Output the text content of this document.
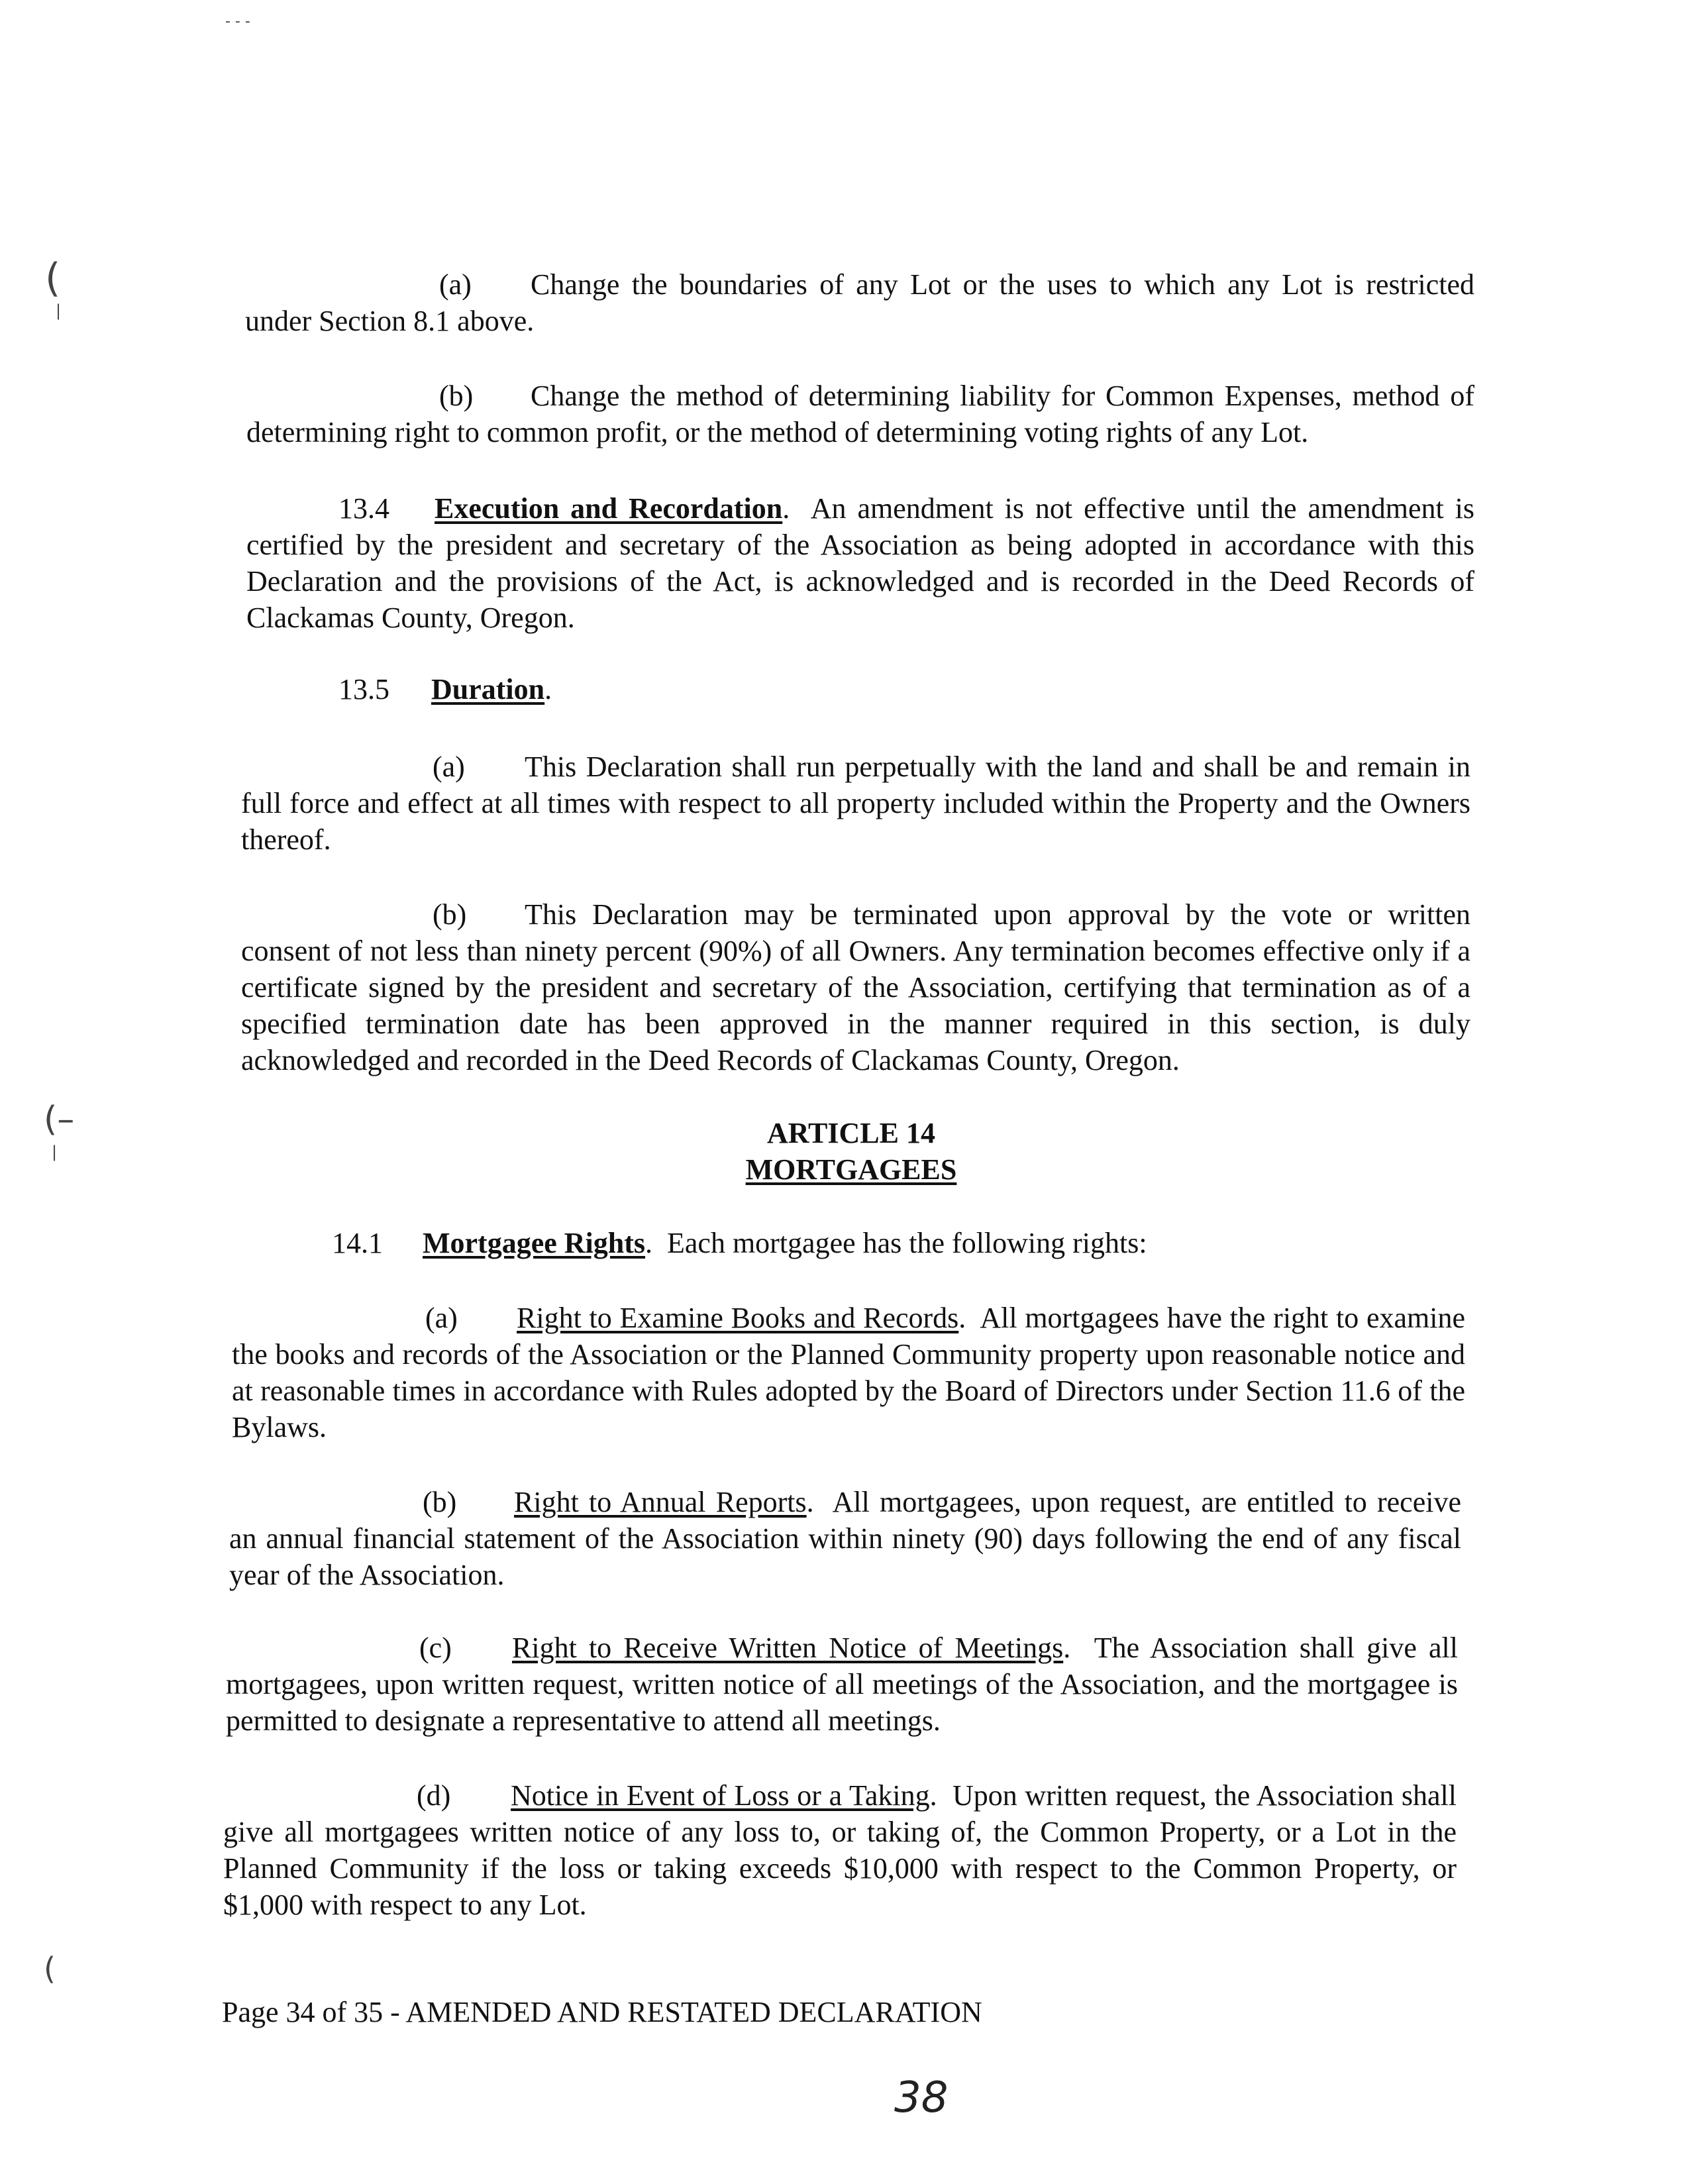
(a) Change the boundaries of any Lot or the uses to which any Lot is restricted under Section 8.1 above.

(b) Change the method of determining liability for Common Expenses, method of determining right to common profit, or the method of determining voting rights of any Lot.

13.4 Execution and Recordation.  An amendment is not effective until the amendment is certified by the president and secretary of the Association as being adopted in accordance with this Declaration and the provisions of the Act, is acknowledged and is recorded in the Deed Records of Clackamas County, Oregon.

13.5 Duration.

(a) This Declaration shall run perpetually with the land and shall be and remain in full force and effect at all times with respect to all property included within the Property and the Owners thereof.

(b) This Declaration may be terminated upon approval by the vote or written consent of not less than ninety percent (90%) of all Owners. Any termination becomes effective only if a certificate signed by the president and secretary of the Association, certifying that termination as of a specified termination date has been approved in the manner required in this section, is duly acknowledged and recorded in the Deed Records of Clackamas County, Oregon.

ARTICLE 14
MORTGAGEES

14.1 Mortgagee Rights.  Each mortgagee has the following rights:

(a) Right to Examine Books and Records.  All mortgagees have the right to examine the books and records of the Association or the Planned Community property upon reasonable notice and at reasonable times in accordance with Rules adopted by the Board of Directors under Section 11.6 of the Bylaws.

(b) Right to Annual Reports.  All mortgagees, upon request, are entitled to receive an annual financial statement of the Association within ninety (90) days following the end of any fiscal year of the Association.

(c) Right to Receive Written Notice of Meetings.  The Association shall give all mortgagees, upon written request, written notice of all meetings of the Association, and the mortgagee is permitted to designate a representative to attend all meetings.

(d) Notice in Event of Loss or a Taking.  Upon written request, the Association shall give all mortgagees written notice of any loss to, or taking of, the Common Property, or a Lot in the Planned Community if the loss or taking exceeds $10,000 with respect to the Common Property, or $1,000 with respect to any Lot.

Page 34 of 35 - AMENDED AND RESTATED DECLARATION
38
(
|
(–
|
(
- - -
